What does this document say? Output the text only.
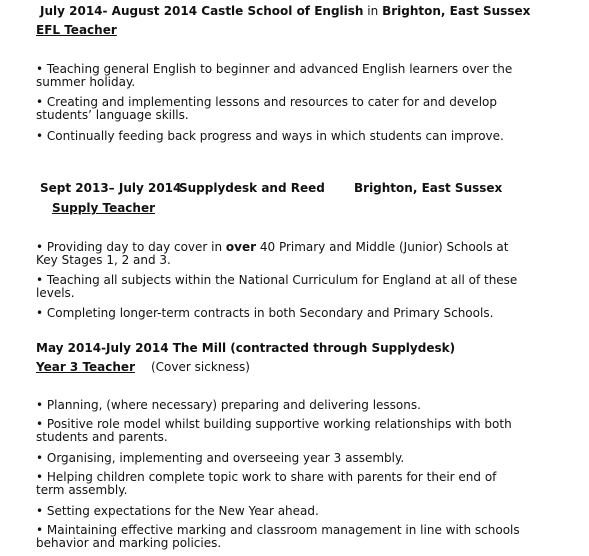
July 2014- August 2014 Castle School of English in Brighton, East Sussex
EFL Teacher
• Teaching general English to beginner and advanced English learners over the summer holiday.
• Creating and implementing lessons and resources to cater for and develop students’ language skills.
• Continually feeding back progress and ways in which students can improve.
Sept 2013– July 2014
Supplydesk and Reed Brighton, East Sussex
Supply Teacher
• Providing day to day cover in over 40 Primary and Middle (Junior) Schools at Key Stages 1, 2 and 3.
• Teaching all subjects within the National Curriculum for England at all of these levels.
• Completing longer-term contracts in both Secondary and Primary Schools.
May 2014-July 2014 The Mill (contracted through Supplydesk)
Year 3 Teacher (Cover sickness)
• Planning, (where necessary) preparing and delivering lessons.
• Positive role model whilst building supportive working relationships with both students and parents.
• Organising, implementing and overseeing year 3 assembly.
• Helping children complete topic work to share with parents for their end of term assembly.
• Setting expectations for the New Year ahead.
• Maintaining effective marking and classroom management in line with schools behavior and marking policies.
